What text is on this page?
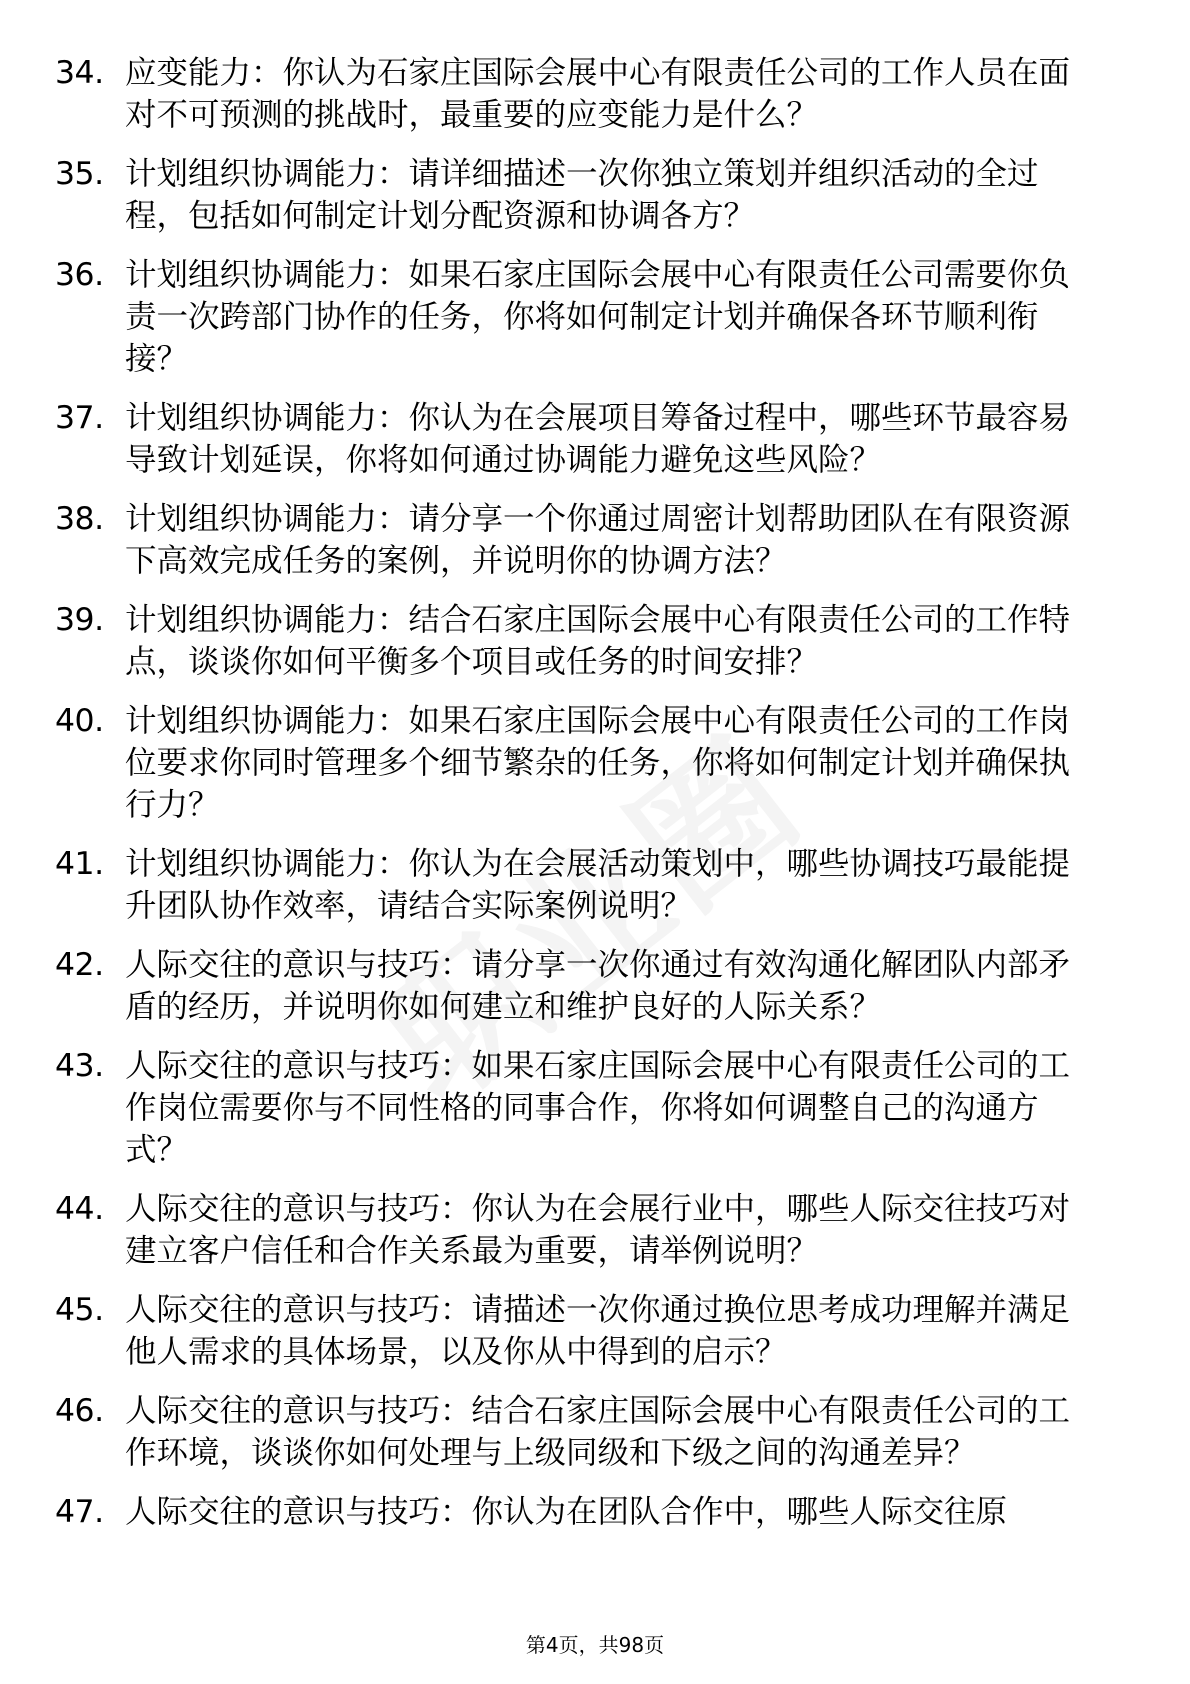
34. 应变能力：你认为石家庄国际会展中心有限责任公司的工作人员在面对不可预测的挑战时，最重要的应变能力是什么？
35. 计划组织协调能力：请详细描述一次你独立策划并组织活动的全过程，包括如何制定计划分配资源和协调各方？
36. 计划组织协调能力：如果石家庄国际会展中心有限责任公司需要你负责一次跨部门协作的任务，你将如何制定计划并确保各环节顺利衔接？
37. 计划组织协调能力：你认为在会展项目筹备过程中，哪些环节最容易导致计划延误，你将如何通过协调能力避免这些风险？
38. 计划组织协调能力：请分享一个你通过周密计划帮助团队在有限资源下高效完成任务的案例，并说明你的协调方法？
39. 计划组织协调能力：结合石家庄国际会展中心有限责任公司的工作特点，谈谈你如何平衡多个项目或任务的时间安排？
40. 计划组织协调能力：如果石家庄国际会展中心有限责任公司的工作岗位要求你同时管理多个细节繁杂的任务，你将如何制定计划并确保执行力？
41. 计划组织协调能力：你认为在会展活动策划中，哪些协调技巧最能提升团队协作效率，请结合实际案例说明？
42. 人际交往的意识与技巧：请分享一次你通过有效沟通化解团队内部矛盾的经历，并说明你如何建立和维护良好的人际关系？
43. 人际交往的意识与技巧：如果石家庄国际会展中心有限责任公司的工作岗位需要你与不同性格的同事合作，你将如何调整自己的沟通方式？
44. 人际交往的意识与技巧：你认为在会展行业中，哪些人际交往技巧对建立客户信任和合作关系最为重要，请举例说明？
45. 人际交往的意识与技巧：请描述一次你通过换位思考成功理解并满足他人需求的具体场景，以及你从中得到的启示？
46. 人际交往的意识与技巧：结合石家庄国际会展中心有限责任公司的工作环境，谈谈你如何处理与上级同级和下级之间的沟通差异？
47. 人际交往的意识与技巧：你认为在团队合作中，哪些人际交往原
第4页，共98页
